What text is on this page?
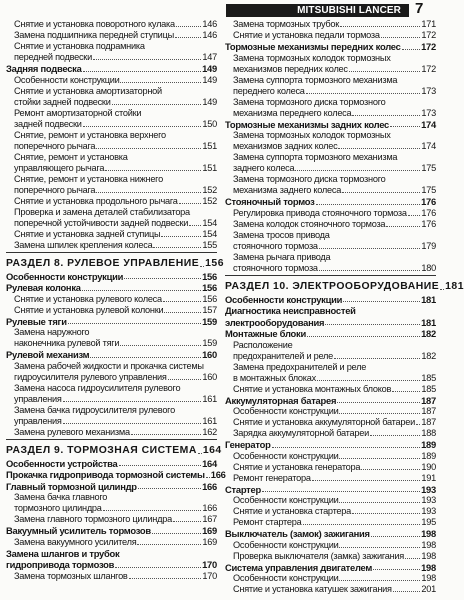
MITSUBISHI LANCER 7
Снятие и установка поворотного кулака	146
Замена подшипника передней ступицы	146
Снятие и установка подрамника
передней подвески	147
Задняя подвеска	149
Особенности конструкции	149
Снятие и установка амортизаторной
стойки задней подвески	149
Ремонт амортизаторной стойки
задней подвески	150
Снятие, ремонт и установка верхнего
поперечного рычага	151
Снятие, ремонт и установка
управляющего рычага	151
Снятие, ремонт и установка нижнего
поперечного рычага	152
Снятие и установка продольного рычага	152
Проверка и замена деталей стабилизатора
поперечной устойчивости задней подвески 154
Снятие и установка задней ступицы	154
Замена шпилек крепления колеса	155
РАЗДЕЛ 8. РУЛЕВОЕ УПРАВЛЕНИЕ 156
Особенности конструкции	156
Рулевая колонка	156
Снятие и установка рулевого колеса	156
Снятие и установка рулевой колонки	157
Рулевые тяги	159
Замена наружного
наконечника рулевой тяги	159
Рулевой механизм	160
Замена рабочей жидкости и прокачка системы
гидроусилителя рулевого управления	160
Замена насоса гидроусилителя рулевого
управления	161
Замена бачка гидроусилителя рулевого
управления	161
Замена рулевого механизма	162
РАЗДЕЛ 9. ТОРМОЗНАЯ СИСТЕМА 164
Особенности устройства	164
Прокачка гидропривода тормозной системы 166
Главный тормозной цилиндр	166
Замена бачка главного
тормозного цилиндра	166
Замена главного тормозного цилиндра	167
Вакуумный усилитель тормозов	169
Замена вакуумного усилителя	169
Замена шлангов и трубок
гидропривода тормозов	170
Замена тормозных шлангов	170
Замена тормозных трубок	171
Снятие и установка педали тормоза	172
Тормозные механизмы передних колес 172
Замена тормозных колодок тормозных
механизмов передних колес	172
Замена суппорта тормозного механизма
переднего колеса	173
Замена тормозного диска тормозного
механизма переднего колеса	173
Тормозные механизмы задних колес	174
Замена тормозных колодок тормозных
механизмов задних колес	174
Замена суппорта тормозного механизма
заднего колеса	175
Замена тормозного диска тормозного
механизма заднего колеса	175
Стояночный тормоз	176
Регулировка привода стояночного тормоза 176
Замена колодок стояночного тормоза	176
Замена тросов привода
стояночного тормоза	179
Замена рычага привода
стояночного тормоза	180
РАЗДЕЛ 10. ЭЛЕКТРООБОРУДОВАНИЕ 181
Особенности конструкции	181
Диагностика неисправностей
электрооборудования	181
Монтажные блоки	182
Расположение
предохранителей и реле	182
Замена предохранителей и реле
в монтажных блоках	185
Снятие и установка монтажных блоков	185
Аккумуляторная батарея	187
Особенности конструкции	187
Снятие и установка аккумуляторной батареи 187
Зарядка аккумуляторной батареи	188
Генератор	189
Особенности конструкции	189
Снятие и установка генератора	190
Ремонт генератора	191
Стартер	193
Особенности конструкции	193
Снятие и установка стартера	193
Ремонт стартера	195
Выключатель (замок) зажигания	198
Особенности конструкции	198
Проверка выключателя (замка) зажигания 198
Система управления двигателем	198
Особенности конструкции	198
Снятие и установка катушек зажигания	201
